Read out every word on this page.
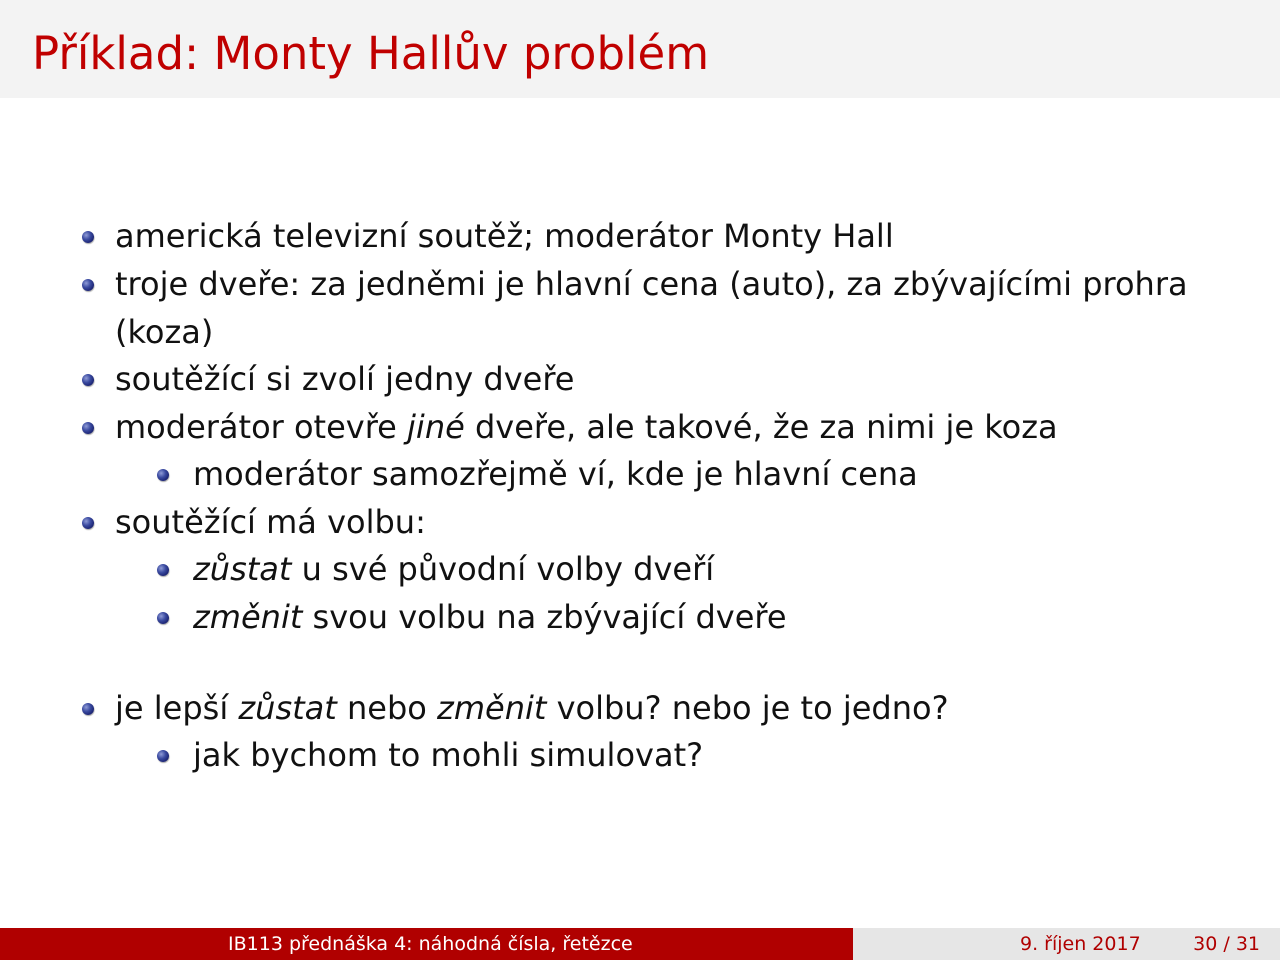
Příklad: Monty Hallův problém
americká televizní soutěž; moderátor Monty Hall
troje dveře: za jedněmi je hlavní cena (auto), za zbývajícími prohra (koza)
soutěžící si zvolí jedny dveře
moderátor otevře jiné dveře, ale takové, že za nimi je koza
moderátor samozřejmě ví, kde je hlavní cena
soutěžící má volbu:
zůstat u své původní volby dveří
změnit svou volbu na zbývající dveře
je lepší zůstat nebo změnit volbu? nebo je to jedno?
jak bychom to mohli simulovat?
IB113 přednáška 4: náhodná čísla, řetězce	9. říjen 2017	30 / 31
